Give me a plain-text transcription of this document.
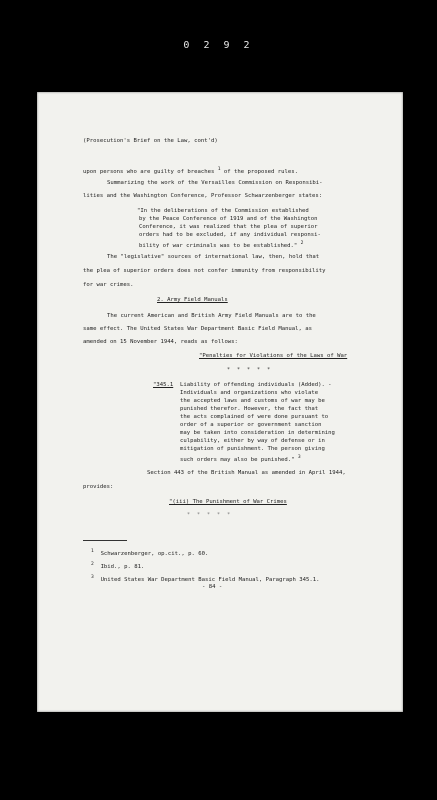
0 2 9 2
(Prosecution's Brief on the Law, cont'd)
upon persons who are guilty of breaches $^1$ of the proposed rules.
Summarizing the work of the Versailles Commission on Responsibi-
lities and the Washington Conference, Professor Schwarzenberger states:
"In the deliberations of the Commission established
by the Peace Conference of 1919 and of the Washington
Conference, it was realized that the plea of superior
orders had to be excluded, if any individual responsi-
bility of war criminals was to be established." $^2$
The "legislative" sources of international law, then, hold that
the plea of superior orders does not confer immunity from responsibility
for war crimes.
2. Army Field Manuals
The current American and British Army Field Manuals are to the
same effect. The United States War Department Basic Field Manual, as
amended on 15 November 1944, reads as follows:
"Penalties for Violations of the Laws of War
* * * * *
"345.1 Liability of offending individuals (Added). -
Individuals and organizations who violate
the accepted laws and customs of war may be
punished therefor. However, the fact that
the acts complained of were done pursuant to
order of a superior or government sanction
may be taken into consideration in determining
culpability, either by way of defense or in
mitigation of punishment. The person giving
such orders may also be punished." $^3$
Section 443 of the British Manual as amended in April 1944,
provides:
"(iii) The Punishment of War Crimes
* * * * *
$^1$ Schwarzenberger, op.cit., p. 60.
$^2$ Ibid., p. 81.
$^3$ United States War Department Basic Field Manual, Paragraph 345.1.
- 84 -
